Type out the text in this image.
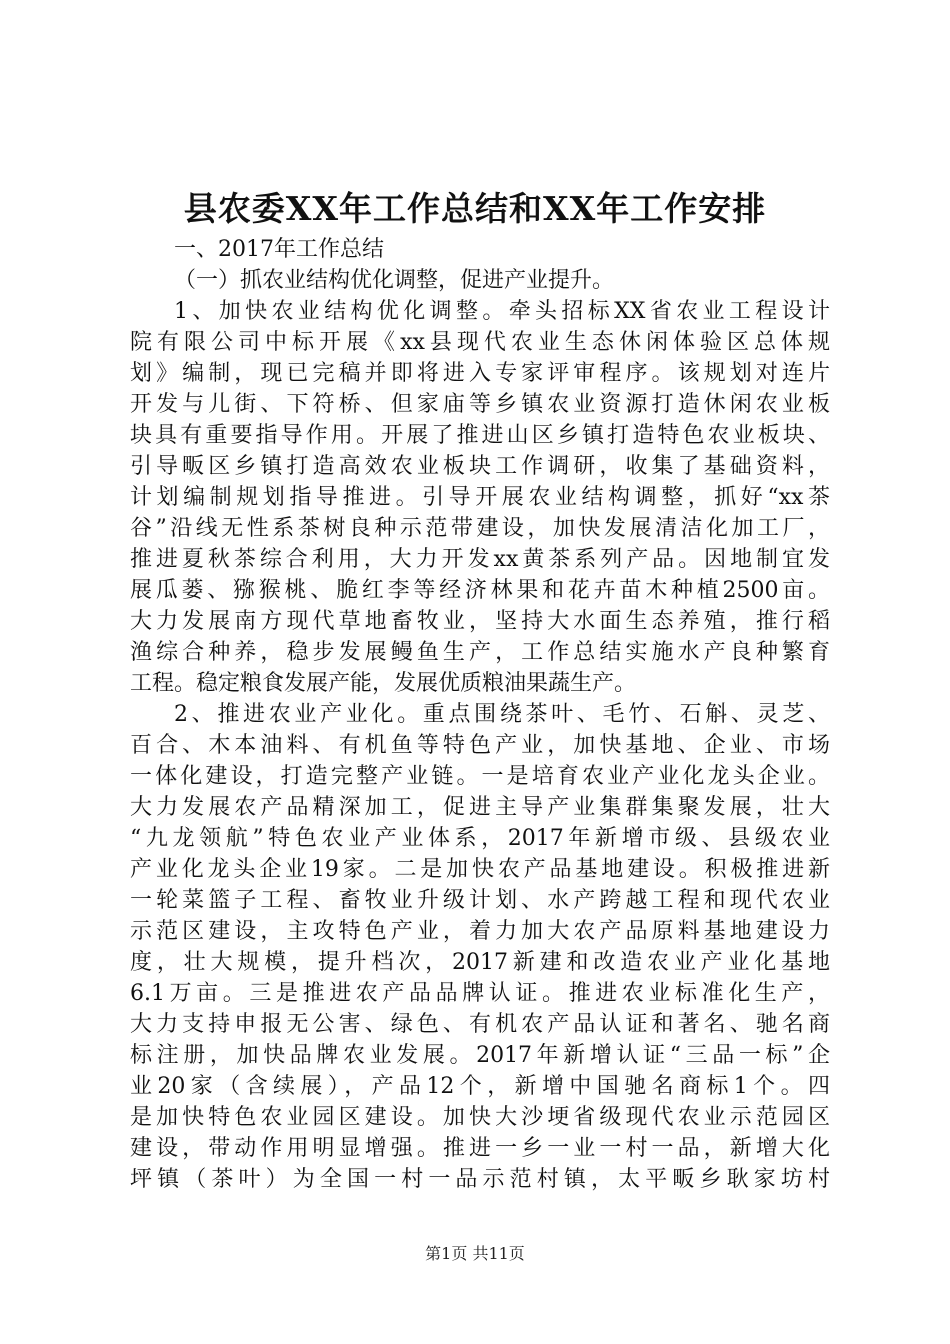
县农委XX年工作总结和XX年工作安排
一、2017年工作总结
（一）抓农业结构优化调整，促进产业提升。
1、加快农业结构优化调整。牵头招标XX省农业工程设计
院有限公司中标开展《xx县现代农业生态休闲体验区总体规
划》编制，现已完稿并即将进入专家评审程序。该规划对连片
开发与儿街、下符桥、但家庙等乡镇农业资源打造休闲农业板
块具有重要指导作用。开展了推进山区乡镇打造特色农业板块、
引导畈区乡镇打造高效农业板块工作调研，收集了基础资料，
计划编制规划指导推进。引导开展农业结构调整，抓好“xx茶
谷”沿线无性系茶树良种示范带建设，加快发展清洁化加工厂，
推进夏秋茶综合利用，大力开发xx黄茶系列产品。因地制宜发
展瓜蒌、猕猴桃、脆红李等经济林果和花卉苗木种植2500亩。
大力发展南方现代草地畜牧业，坚持大水面生态养殖，推行稻
渔综合种养，稳步发展鳗鱼生产，工作总结实施水产良种繁育
工程。稳定粮食发展产能，发展优质粮油果蔬生产。
2、推进农业产业化。重点围绕茶叶、毛竹、石斛、灵芝、
百合、木本油料、有机鱼等特色产业，加快基地、企业、市场
一体化建设，打造完整产业链。一是培育农业产业化龙头企业。
大力发展农产品精深加工，促进主导产业集群集聚发展，壮大
“九龙领航”特色农业产业体系，2017年新增市级、县级农业
产业化龙头企业19家。二是加快农产品基地建设。积极推进新
一轮菜篮子工程、畜牧业升级计划、水产跨越工程和现代农业
示范区建设，主攻特色产业，着力加大农产品原料基地建设力
度，壮大规模，提升档次，2017新建和改造农业产业化基地
6.1万亩。三是推进农产品品牌认证。推进农业标准化生产，
大力支持申报无公害、绿色、有机农产品认证和著名、驰名商
标注册，加快品牌农业发展。2017年新增认证“三品一标”企
业20家（含续展），产品12个，新增中国驰名商标1个。四
是加快特色农业园区建设。加快大沙埂省级现代农业示范园区
建设，带动作用明显增强。推进一乡一业一村一品，新增大化
坪镇（茶叶）为全国一村一品示范村镇，太平畈乡耿家坊村
第1页 共11页
